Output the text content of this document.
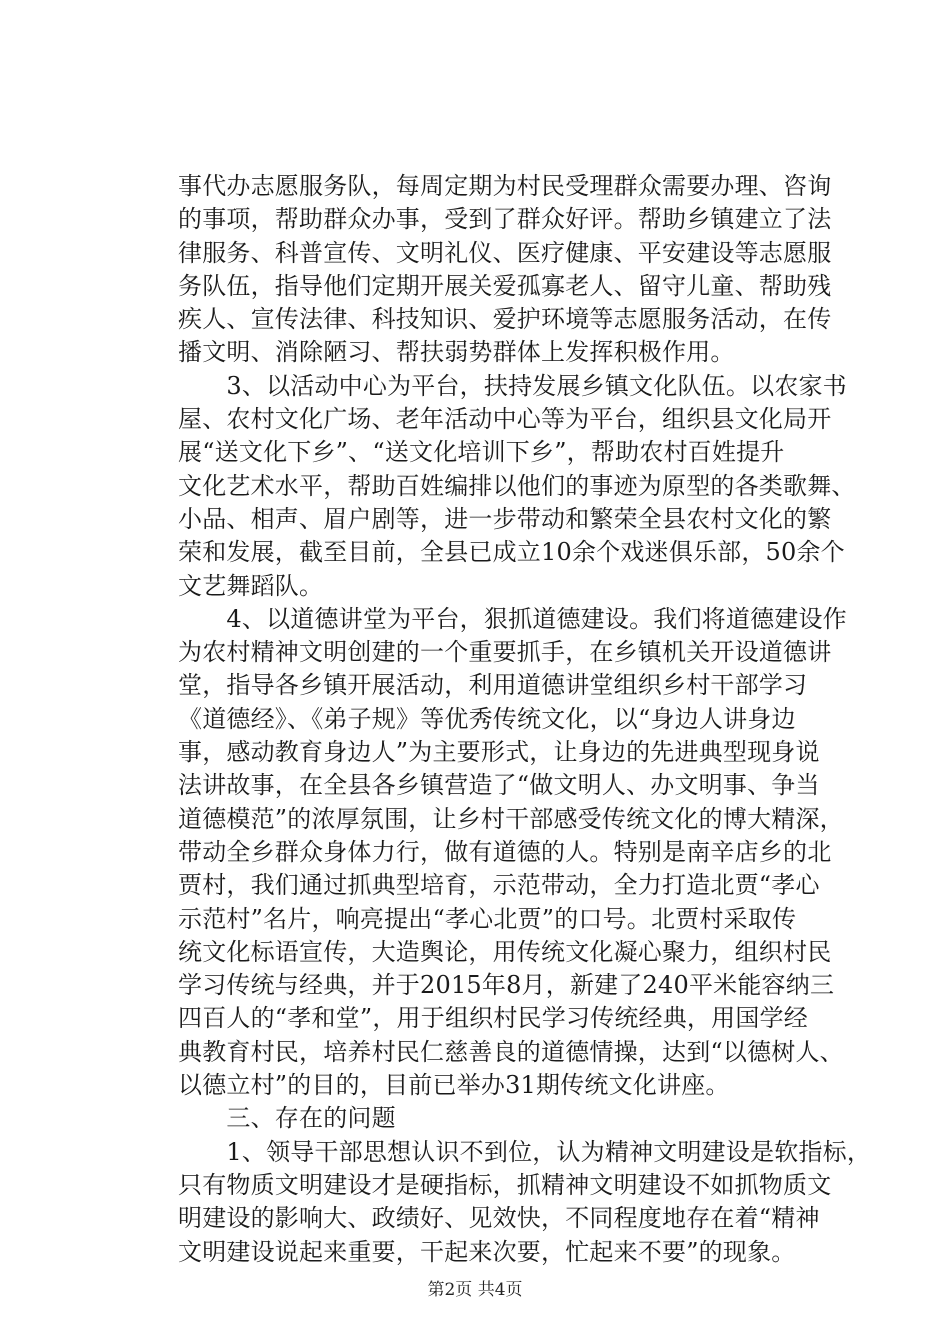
事代办志愿服务队，每周定期为村民受理群众需要办理、咨询
的事项，帮助群众办事，受到了群众好评。帮助乡镇建立了法
律服务、科普宣传、文明礼仪、医疗健康、平安建设等志愿服
务队伍，指导他们定期开展关爱孤寡老人、留守儿童、帮助残
疾人、宣传法律、科技知识、爱护环境等志愿服务活动，在传
播文明、消除陋习、帮扶弱势群体上发挥积极作用。
　　3、以活动中心为平台，扶持发展乡镇文化队伍。以农家书
屋、农村文化广场、老年活动中心等为平台，组织县文化局开
展“送文化下乡”、“送文化培训下乡”，帮助农村百姓提升
文化艺术水平，帮助百姓编排以他们的事迹为原型的各类歌舞、
小品、相声、眉户剧等，进一步带动和繁荣全县农村文化的繁
荣和发展，截至目前，全县已成立10余个戏迷俱乐部，50余个
文艺舞蹈队。
　　4、以道德讲堂为平台，狠抓道德建设。我们将道德建设作
为农村精神文明创建的一个重要抓手，在乡镇机关开设道德讲
堂，指导各乡镇开展活动，利用道德讲堂组织乡村干部学习
《道德经》、《弟子规》等优秀传统文化，以“身边人讲身边
事，感动教育身边人”为主要形式，让身边的先进典型现身说
法讲故事，在全县各乡镇营造了“做文明人、办文明事、争当
道德模范”的浓厚氛围，让乡村干部感受传统文化的博大精深，
带动全乡群众身体力行，做有道德的人。特别是南辛店乡的北
贾村，我们通过抓典型培育，示范带动，全力打造北贾“孝心
示范村”名片，响亮提出“孝心北贾”的口号。北贾村采取传
统文化标语宣传，大造舆论，用传统文化凝心聚力，组织村民
学习传统与经典，并于2015年8月，新建了240平米能容纳三
四百人的“孝和堂”，用于组织村民学习传统经典，用国学经
典教育村民，培养村民仁慈善良的道德情操，达到“以德树人、
以德立村”的目的，目前已举办31期传统文化讲座。
　　三、存在的问题
　　1、领导干部思想认识不到位，认为精神文明建设是软指标，
只有物质文明建设才是硬指标，抓精神文明建设不如抓物质文
明建设的影响大、政绩好、见效快，不同程度地存在着“精神
文明建设说起来重要，干起来次要，忙起来不要”的现象。
第2页 共4页
